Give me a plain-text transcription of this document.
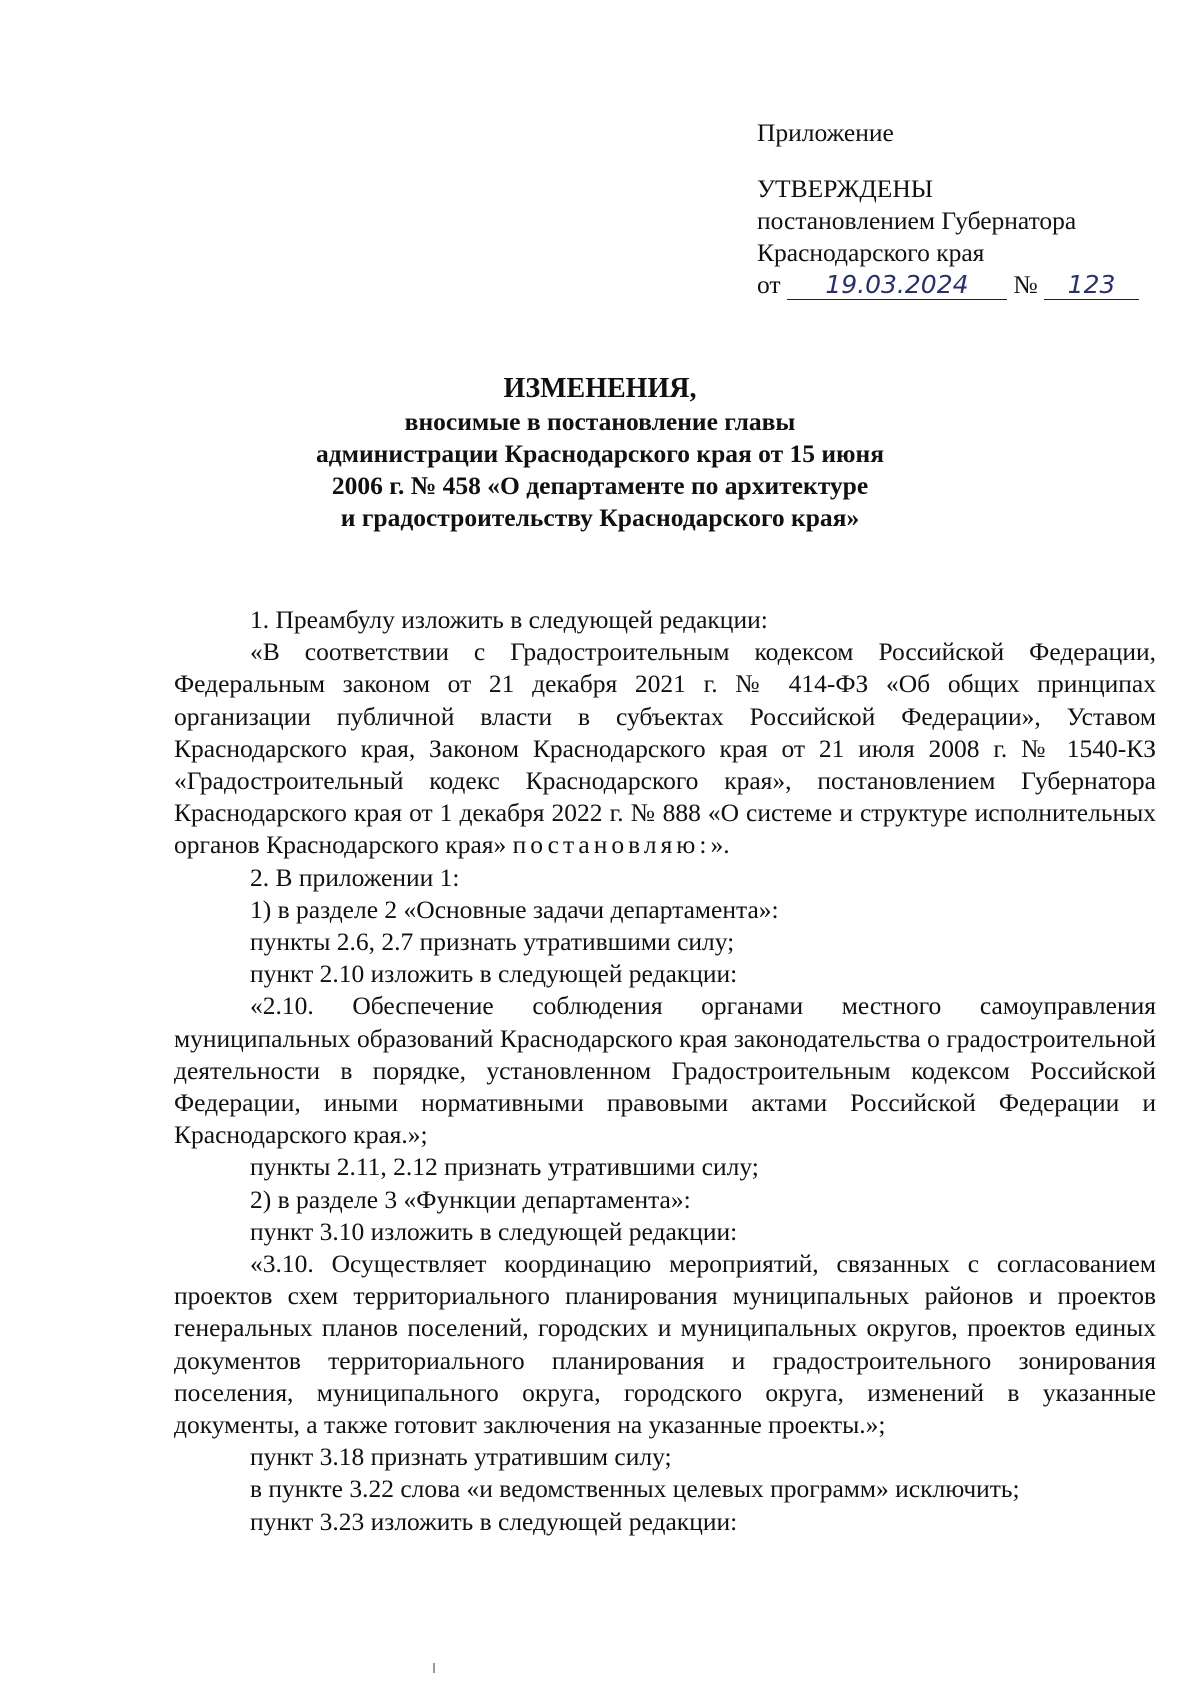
Приложение
УТВЕРЖДЕНЫ
постановлением Губернатора
Краснодарского края
от 19.03.2024 № 123
ИЗМЕНЕНИЯ,
вносимые в постановление главы
администрации Краснодарского края от 15 июня
2006 г. № 458 «О департаменте по архитектуре
и градостроительству Краснодарского края»

1. Преамбулу изложить в следующей редакции:

«В соответствии с Градостроительным кодексом Российской Федерации, Федеральным законом от 21 декабря 2021 г. № 414-ФЗ «Об общих принципах организации публичной власти в субъектах Российской Федерации», Уставом Краснодарского края, Законом Краснодарского края от 21 июля 2008 г. № 1540-КЗ «Градостроительный кодекс Краснодарского края», постановлением Губернатора Краснодарского края от 1 декабря 2022 г. № 888 «О системе и структуре исполнительных органов Краснодарского края» постановляю:».

2. В приложении 1:

1) в разделе 2 «Основные задачи департамента»:

пункты 2.6, 2.7 признать утратившими силу;

пункт 2.10 изложить в следующей редакции:

«2.10. Обеспечение соблюдения органами местного самоуправления муниципальных образований Краснодарского края законодательства о градостроительной деятельности в порядке, установленном Градостроительным кодексом Российской Федерации, иными нормативными правовыми актами Российской Федерации и Краснодарского края.»;

пункты 2.11, 2.12 признать утратившими силу;

2) в разделе 3 «Функции департамента»:

пункт 3.10 изложить в следующей редакции:

«3.10. Осуществляет координацию мероприятий, связанных с согласованием проектов схем территориального планирования муниципальных районов и проектов генеральных планов поселений, городских и муниципальных округов, проектов единых документов территориального планирования и градостроительного зонирования поселения, муниципального округа, городского округа, изменений в указанные документы, а также готовит заключения на указанные проекты.»;

пункт 3.18 признать утратившим силу;

в пункте 3.22 слова «и ведомственных целевых программ» исключить;

пункт 3.23 изложить в следующей редакции:
